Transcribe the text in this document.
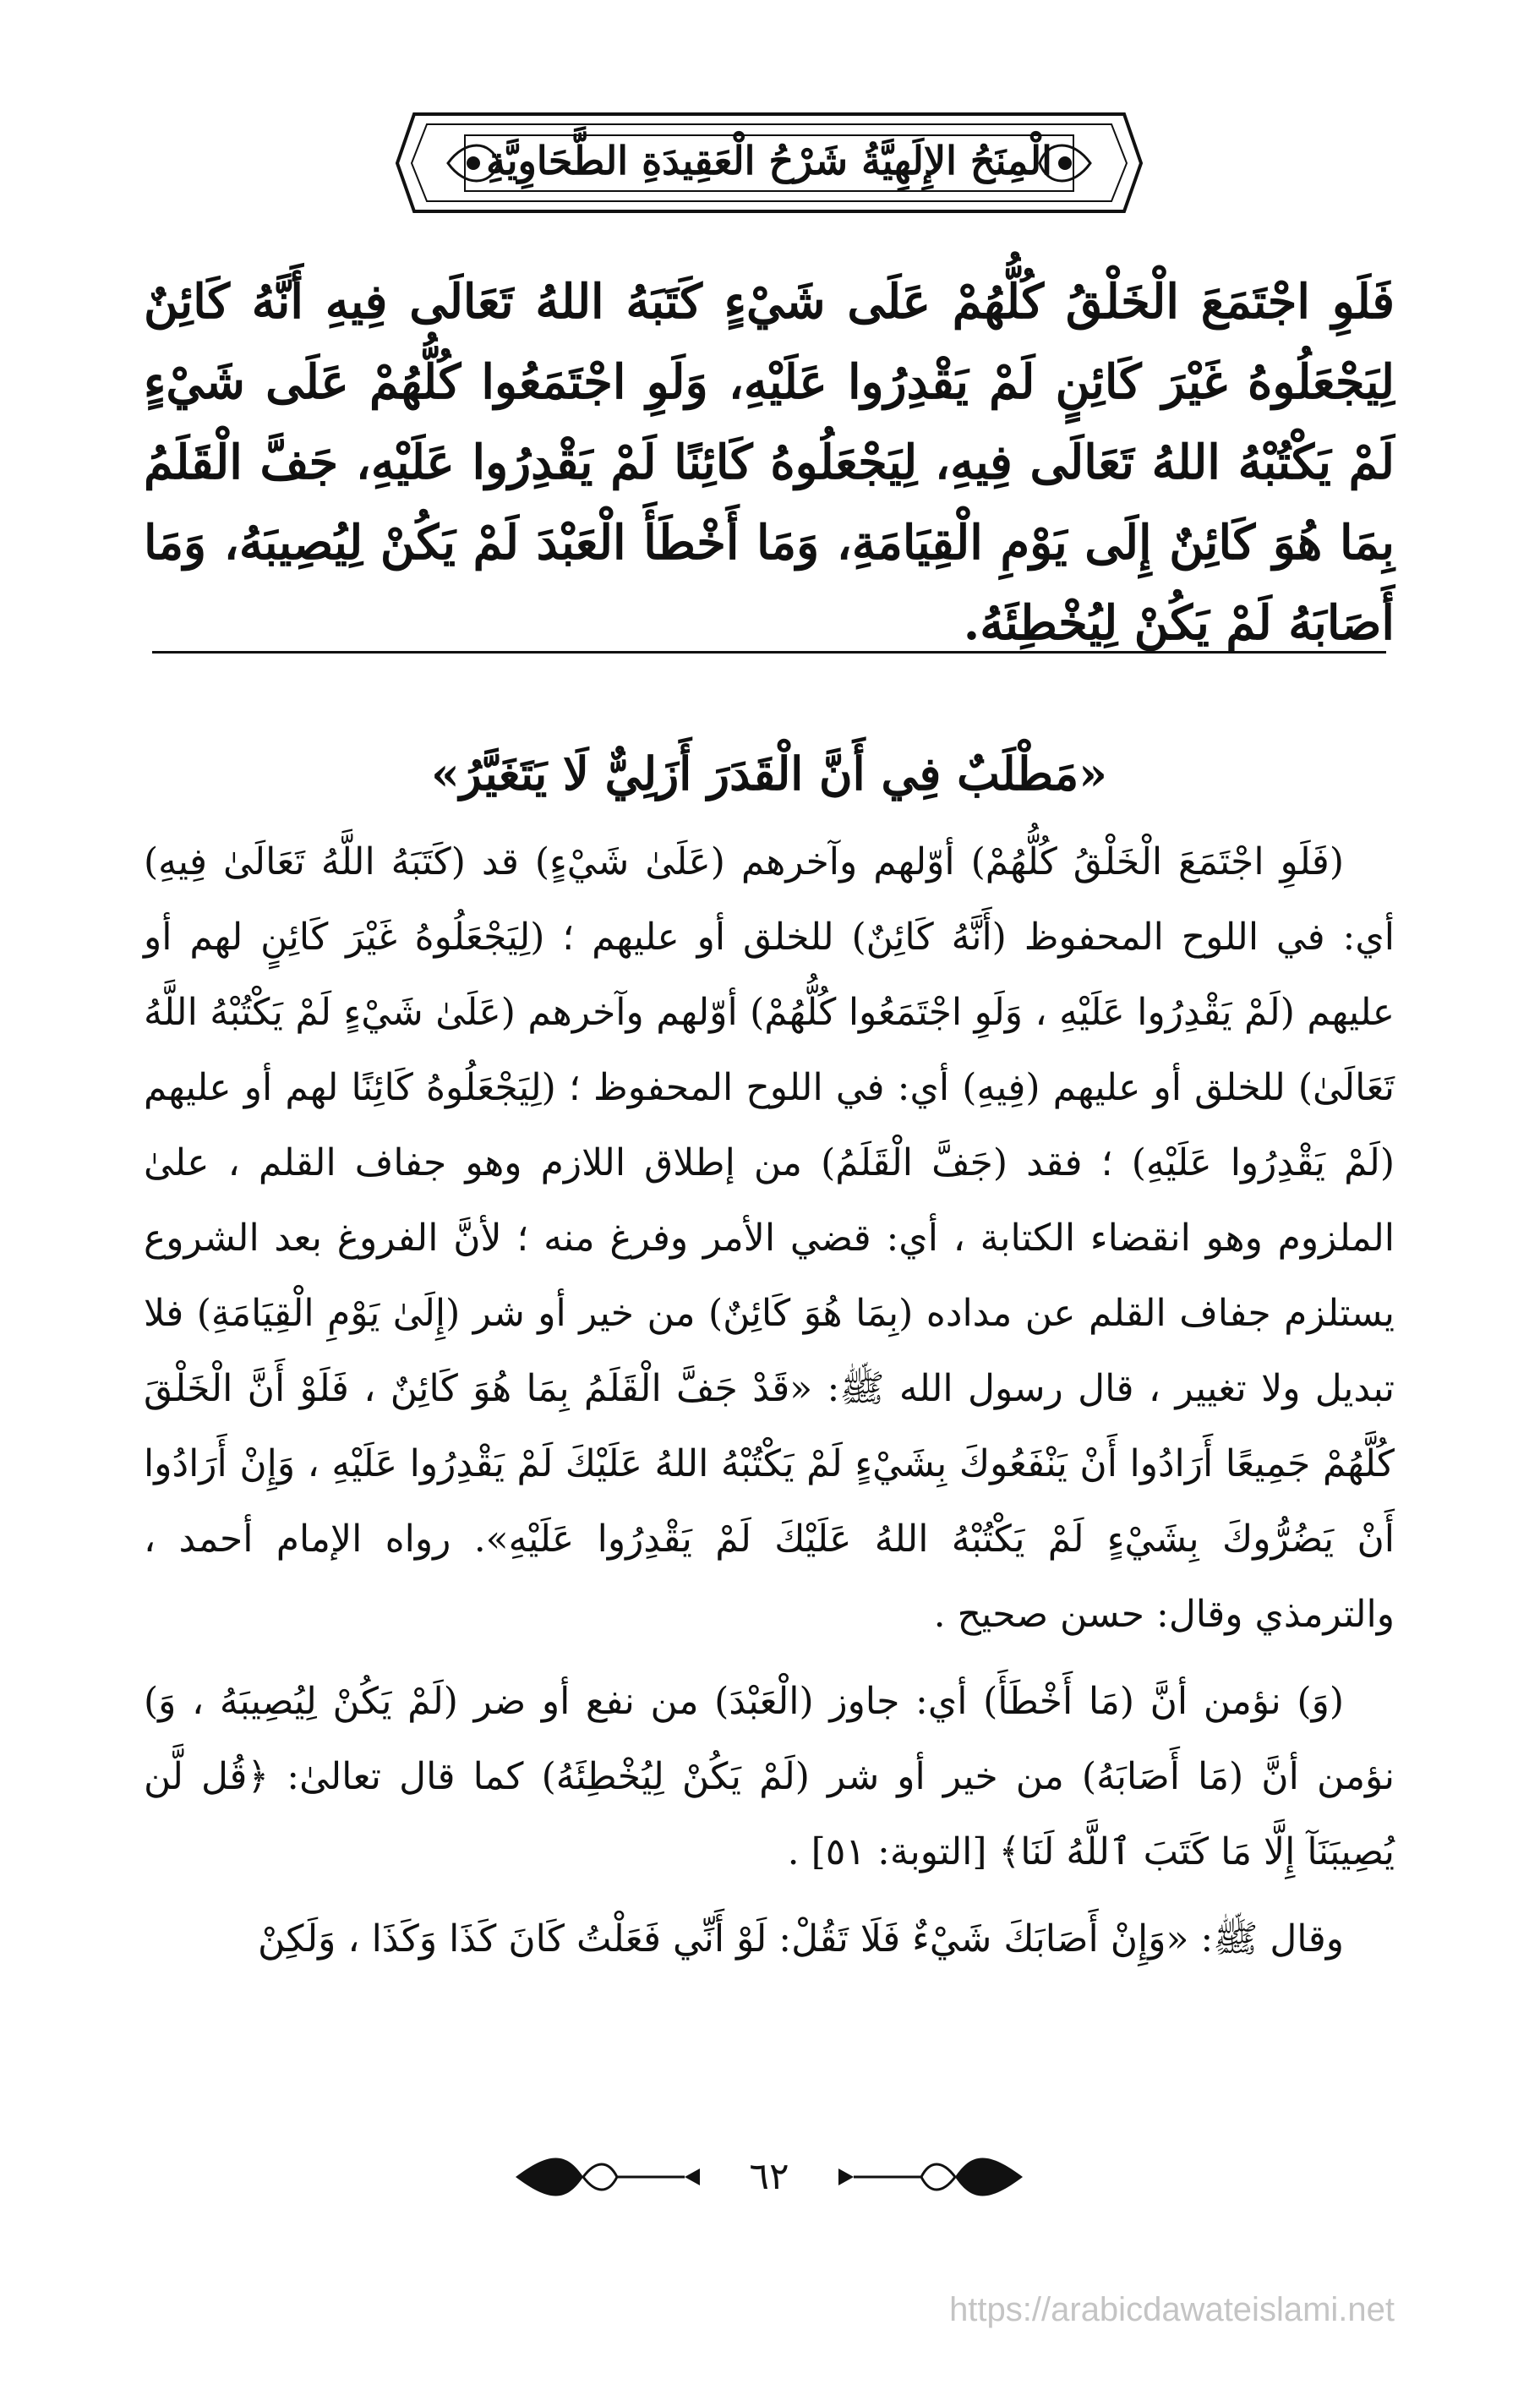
الْمِنَحُ الإِلَهِيَّةُ شَرْحُ الْعَقِيدَةِ الطَّحَاوِيَّةِ
فَلَوِ اجْتَمَعَ الْخَلْقُ كُلُّهُمْ عَلَى شَيْءٍ كَتَبَهُ اللهُ تَعَالَى فِيهِ أَنَّهُ كَائِنٌ لِيَجْعَلُوهُ غَيْرَ كَائِنٍ لَمْ يَقْدِرُوا عَلَيْهِ، وَلَوِ اجْتَمَعُوا كُلُّهُمْ عَلَى شَيْءٍ لَمْ يَكْتُبْهُ اللهُ تَعَالَى فِيهِ، لِيَجْعَلُوهُ كَائِنًا لَمْ يَقْدِرُوا عَلَيْهِ، جَفَّ الْقَلَمُ بِمَا هُوَ كَائِنٌ إِلَى يَوْمِ الْقِيَامَةِ، وَمَا أَخْطَأَ الْعَبْدَ لَمْ يَكُنْ لِيُصِيبَهُ، وَمَا أَصَابَهُ لَمْ يَكُنْ لِيُخْطِئَهُ.
«مَطْلَبٌ فِي أَنَّ الْقَدَرَ أَزَلِيٌّ لَا يَتَغَيَّرُ»

(فَلَوِ اجْتَمَعَ الْخَلْقُ كُلُّهُمْ) أوّلهم وآخرهم (عَلَىٰ شَيْءٍ) قد (كَتَبَهُ اللَّهُ تَعَالَىٰ فِيهِ) أي: في اللوح المحفوظ (أَنَّهُ كَائِنٌ) للخلق أو عليهم ؛ (لِيَجْعَلُوهُ غَيْرَ كَائِنٍ لهم أو عليهم (لَمْ يَقْدِرُوا عَلَيْهِ ، وَلَوِ اجْتَمَعُوا كُلُّهُمْ) أوّلهم وآخرهم (عَلَىٰ شَيْءٍ لَمْ يَكْتُبْهُ اللَّهُ تَعَالَىٰ) للخلق أو عليهم (فِيهِ) أي: في اللوح المحفوظ ؛ (لِيَجْعَلُوهُ كَائِنًا لهم أو عليهم (لَمْ يَقْدِرُوا عَلَيْهِ) ؛ فقد (جَفَّ الْقَلَمُ) من إطلاق اللازم وهو جفاف القلم ، علىٰ الملزوم وهو انقضاء الكتابة ، أي: قضي الأمر وفرغ منه ؛ لأنَّ الفروغ بعد الشروع يستلزم جفاف القلم عن مداده (بِمَا هُوَ كَائِنٌ) من خير أو شر (إِلَىٰ يَوْمِ الْقِيَامَةِ) فلا تبديل ولا تغيير ، قال رسول الله ﷺ: «قَدْ جَفَّ الْقَلَمُ بِمَا هُوَ كَائِنٌ ، فَلَوْ أَنَّ الْخَلْقَ كُلَّهُمْ جَمِيعًا أَرَادُوا أَنْ يَنْفَعُوكَ بِشَيْءٍ لَمْ يَكْتُبْهُ اللهُ عَلَيْكَ لَمْ يَقْدِرُوا عَلَيْهِ ، وَإِنْ أَرَادُوا أَنْ يَضُرُّوكَ بِشَيْءٍ لَمْ يَكْتُبْهُ اللهُ عَلَيْكَ لَمْ يَقْدِرُوا عَلَيْهِ». رواه الإمام أحمد ، والترمذي وقال: حسن صحيح .

(وَ) نؤمن أنَّ (مَا أَخْطَأَ) أي: جاوز (الْعَبْدَ) من نفع أو ضر (لَمْ يَكُنْ لِيُصِيبَهُ ، وَ) نؤمن أنَّ (مَا أَصَابَهُ) من خير أو شر (لَمْ يَكُنْ لِيُخْطِئَهُ) كما قال تعالىٰ: ﴿قُل لَّن يُصِيبَنَآ إِلَّا مَا كَتَبَ ٱللَّهُ لَنَا﴾ [التوبة: ٥١] .

وقال ﷺ: «وَإِنْ أَصَابَكَ شَيْءٌ فَلَا تَقُلْ: لَوْ أَنِّي فَعَلْتُ كَانَ كَذَا وَكَذَا ، وَلَكِنْ

٦٢
https://arabicdawateislami.net
